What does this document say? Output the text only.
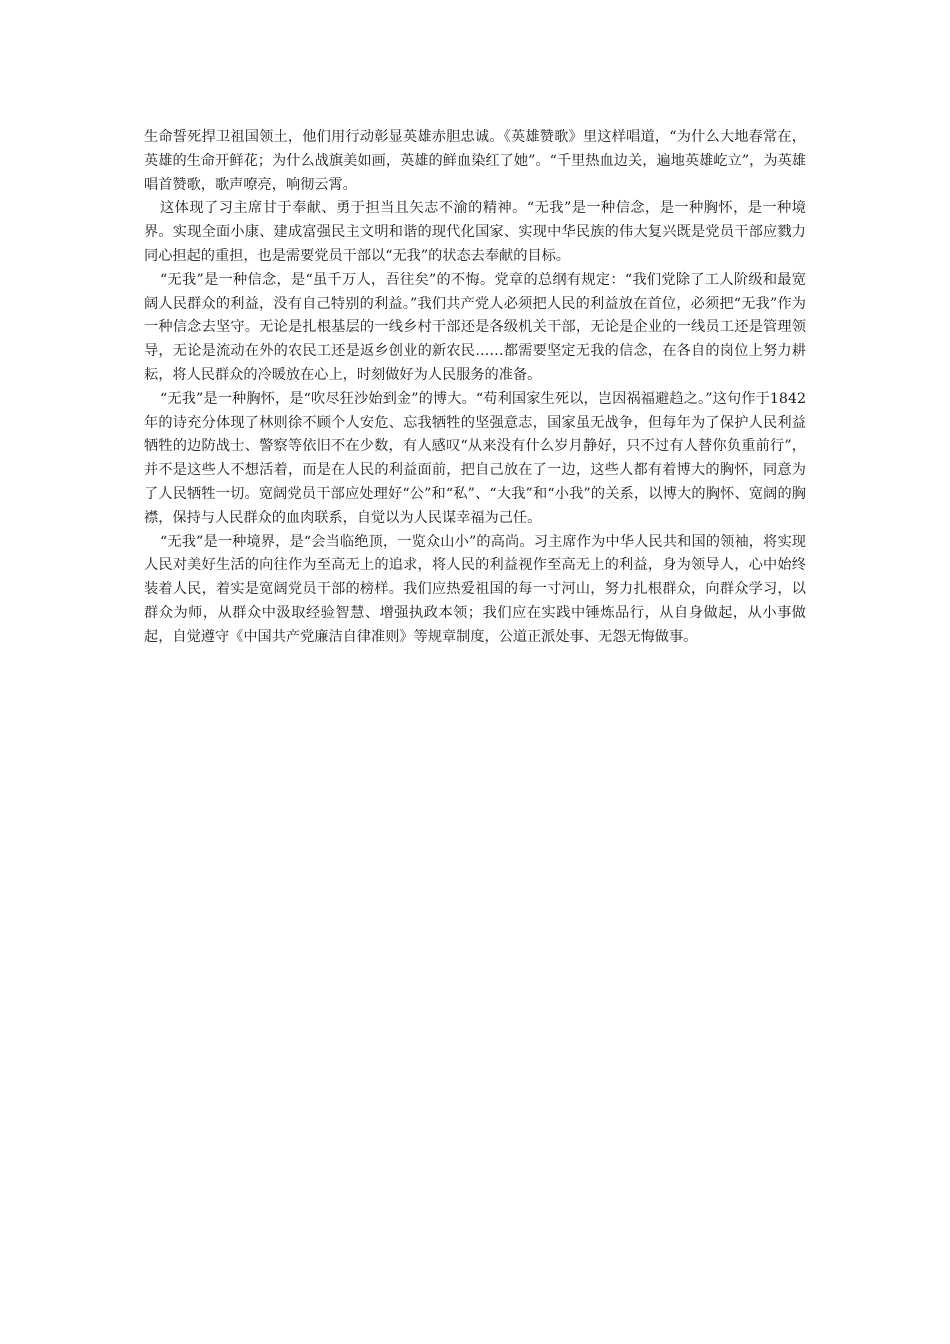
生命誓死捍卫祖国领土，他们用行动彰显英雄赤胆忠诚。《英雄赞歌》里这样唱道，“为什么大地春常在，英雄的生命开鲜花；为什么战旗美如画，英雄的鲜血染红了她”。“千里热血边关，遍地英雄屹立”，为英雄唱首赞歌，歌声嘹亮，响彻云霄。

这体现了习主席甘于奉献、勇于担当且矢志不渝的精神。“无我”是一种信念，是一种胸怀，是一种境界。实现全面小康、建成富强民主文明和谐的现代化国家、实现中华民族的伟大复兴既是党员干部应戮力同心担起的重担，也是需要党员干部以“无我”的状态去奉献的目标。

“无我”是一种信念，是“虽千万人，吾往矣”的不悔。党章的总纲有规定：“我们党除了工人阶级和最宽阔人民群众的利益，没有自己特别的利益。”我们共产党人必须把人民的利益放在首位，必须把“无我”作为一种信念去坚守。无论是扎根基层的一线乡村干部还是各级机关干部，无论是企业的一线员工还是管理领导，无论是流动在外的农民工还是返乡创业的新农民……都需要坚定无我的信念，在各自的岗位上努力耕耘，将人民群众的冷暖放在心上，时刻做好为人民服务的准备。

“无我”是一种胸怀，是“吹尽狂沙始到金”的博大。“苟利国家生死以，岂因祸福避趋之。”这句作于1842年的诗充分体现了林则徐不顾个人安危、忘我牺牲的坚强意志，国家虽无战争，但每年为了保护人民利益牺牲的边防战士、警察等依旧不在少数，有人感叹“从来没有什么岁月静好，只不过有人替你负重前行”，并不是这些人不想活着，而是在人民的利益面前，把自己放在了一边，这些人都有着博大的胸怀，同意为了人民牺牲一切。宽阔党员干部应处理好“公”和“私”、“大我”和“小我”的关系，以博大的胸怀、宽阔的胸襟，保持与人民群众的血肉联系，自觉以为人民谋幸福为己任。

“无我”是一种境界，是“会当临绝顶，一览众山小”的高尚。习主席作为中华人民共和国的领袖，将实现人民对美好生活的向往作为至高无上的追求，将人民的利益视作至高无上的利益，身为领导人，心中始终装着人民，着实是宽阔党员干部的榜样。我们应热爱祖国的每一寸河山，努力扎根群众，向群众学习，以群众为师，从群众中汲取经验智慧、增强执政本领；我们应在实践中锤炼品行，从自身做起，从小事做起，自觉遵守《中国共产党廉洁自律准则》等规章制度，公道正派处事、无怨无悔做事。
